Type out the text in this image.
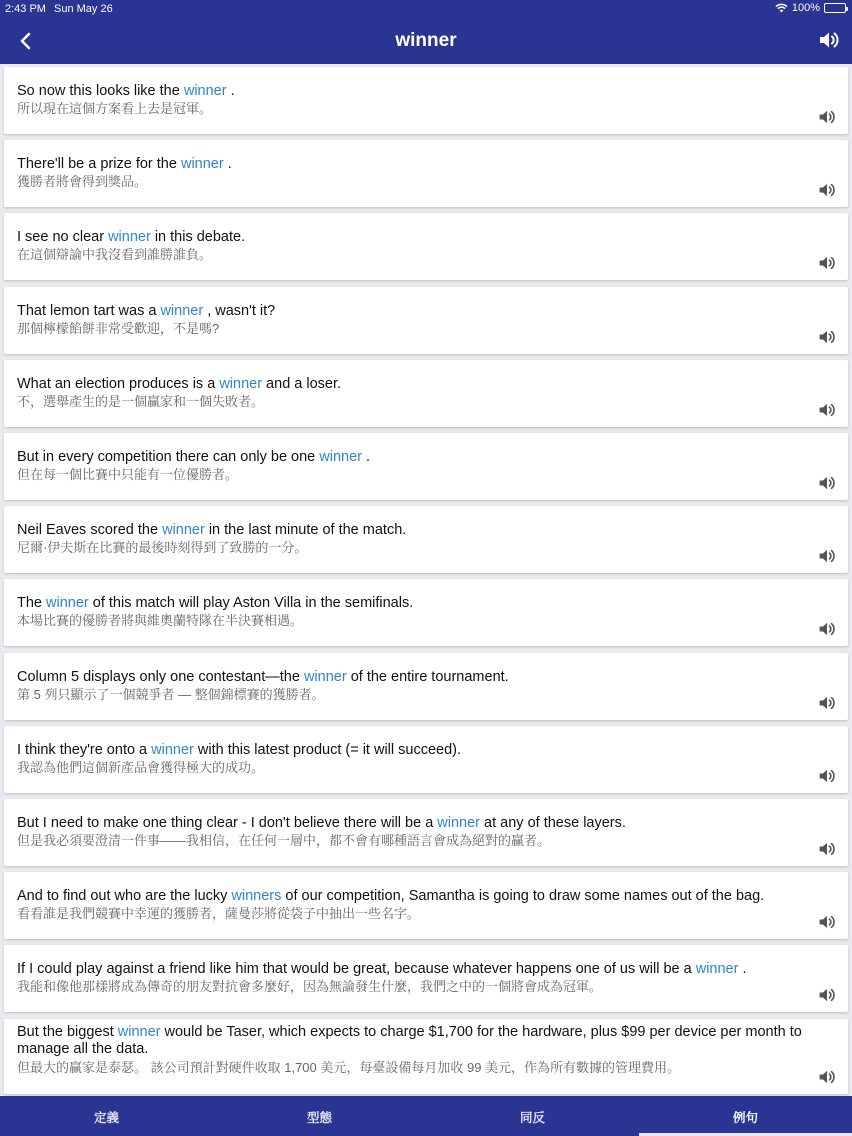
2:43 PM Sun May 26	100%
winner
So now this looks like the winner .
所以現在這個方案看上去是冠軍。
There'll be a prize for the winner .
獲勝者將會得到獎品。
I see no clear winner in this debate.
在這個辯論中我沒看到誰勝誰負。
That lemon tart was a winner , wasn't it?
那個檸檬餡餅非常受歡迎，不是嗎?
What an election produces is a winner and a loser.
不，選舉產生的是一個贏家和一個失敗者。
But in every competition there can only be one winner .
但在每一個比賽中只能有一位優勝者。
Neil Eaves scored the winner in the last minute of the match.
尼爾·伊夫斯在比賽的最後時刻得到了致勝的一分。
The winner of this match will play Aston Villa in the semifinals.
本場比賽的優勝者將與維奧蘭特隊在半決賽相遇。
Column 5 displays only one contestant—the winner of the entire tournament.
第 5 列只顯示了一個競爭者 — 整個錦標賽的獲勝者。
I think they're onto a winner with this latest product (= it will succeed).
我認為他們這個新產品會獲得極大的成功。
But I need to make one thing clear - I don't believe there will be a winner at any of these layers.
但是我必須要澄清一件事——我相信，在任何一層中，都不會有哪種語言會成為絕對的贏者。
And to find out who are the lucky winners of our competition, Samantha is going to draw some names out of the bag.
看看誰是我們競賽中幸運的獲勝者，薩曼莎將從袋子中抽出一些名字。
If I could play against a friend like him that would be great, because whatever happens one of us will be a winner .
我能和像他那樣將成為傳奇的朋友對抗會多麼好，因為無論發生什麼，我們之中的一個將會成為冠軍。
But the biggest winner would be Taser, which expects to charge $1,700 for the hardware, plus $99 per device per month to manage all the data.
但最大的贏家是泰瑟。 該公司預計對硬件收取 1,700 美元，每臺設備每月加收 99 美元，作為所有數據的管理費用。
定義	型態	同反	例句
